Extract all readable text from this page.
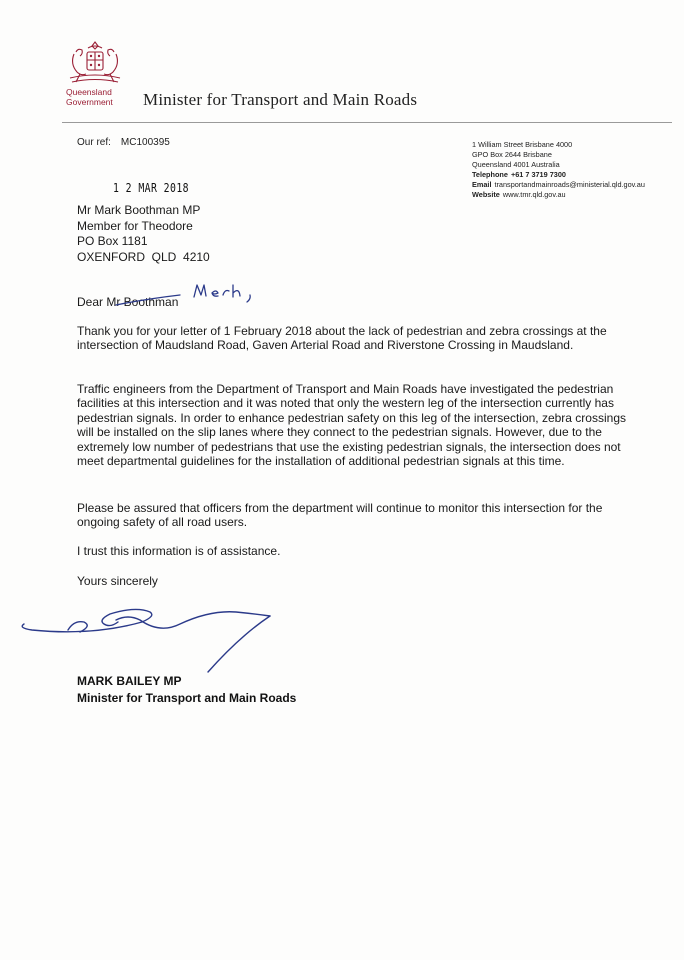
Queensland
Government Minister for Transport and Main Roads
Our ref: MC100395	1 William Street Brisbane 4000
GPO Box 2644 Brisbane
Queensland 4001 Australia
Telephone +61 7 3719 7300
Email transportandmainroads@ministerial.qld.gov.au
Website www.tmr.qld.gov.au
1 2 MAR 2018
Mr Mark Boothman MP
Member for Theodore
PO Box 1181
OXENFORD  QLD  4210
Dear Mr Boothman

Thank you for your letter of 1 February 2018 about the lack of pedestrian and zebra crossings at the intersection of Maudsland Road, Gaven Arterial Road and Riverstone Crossing in Maudsland.

Traffic engineers from the Department of Transport and Main Roads have investigated the pedestrian facilities at this intersection and it was noted that only the western leg of the intersection currently has pedestrian signals. In order to enhance pedestrian safety on this leg of the intersection, zebra crossings will be installed on the slip lanes where they connect to the pedestrian signals. However, due to the extremely low number of pedestrians that use the existing pedestrian signals, the intersection does not meet departmental guidelines for the installation of additional pedestrian signals at this time.

Please be assured that officers from the department will continue to monitor this intersection for the ongoing safety of all road users.

I trust this information is of assistance.

Yours sincerely
MARK BAILEY MP
Minister for Transport and Main Roads
